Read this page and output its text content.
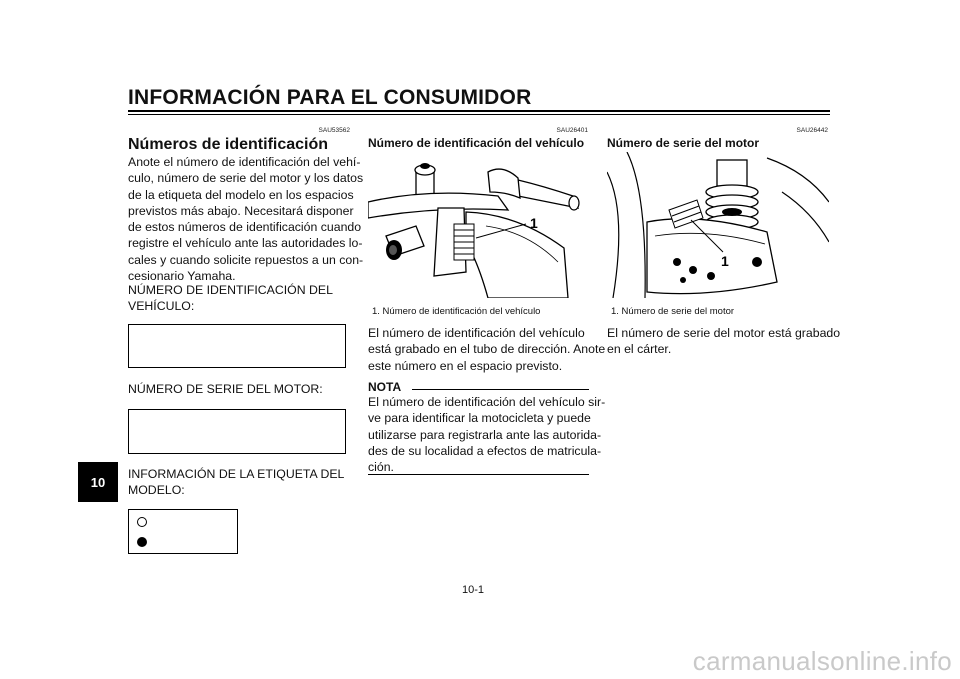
INFORMACIÓN PARA EL CONSUMIDOR
SAU53562
Números de identificación
Anote el número de identificación del vehí-
culo, número de serie del motor y los datos
de la etiqueta del modelo en los espacios
previstos más abajo. Necesitará disponer
de estos números de identificación cuando
registre el vehículo ante las autoridades lo-
cales y cuando solicite repuestos a un con-
cesionario Yamaha.
NÚMERO DE IDENTIFICACIÓN DEL
VEHÍCULO:
NÚMERO DE SERIE DEL MOTOR:
INFORMACIÓN DE LA ETIQUETA DEL
MODELO:
SAU26401
Número de identificación del vehículo
1
1. Número de identificación del vehículo
El número de identificación del vehículo
está grabado en el tubo de dirección. Anote
este número en el espacio previsto.
NOTA
El número de identificación del vehículo sir-
ve para identificar la motocicleta y puede
utilizarse para registrarla ante las autorida-
des de su localidad a efectos de matricula-
ción.
SAU26442
Número de serie del motor
1
1. Número de serie del motor
El número de serie del motor está grabado
en el cárter.
10
10-1
carmanualsonline.info
